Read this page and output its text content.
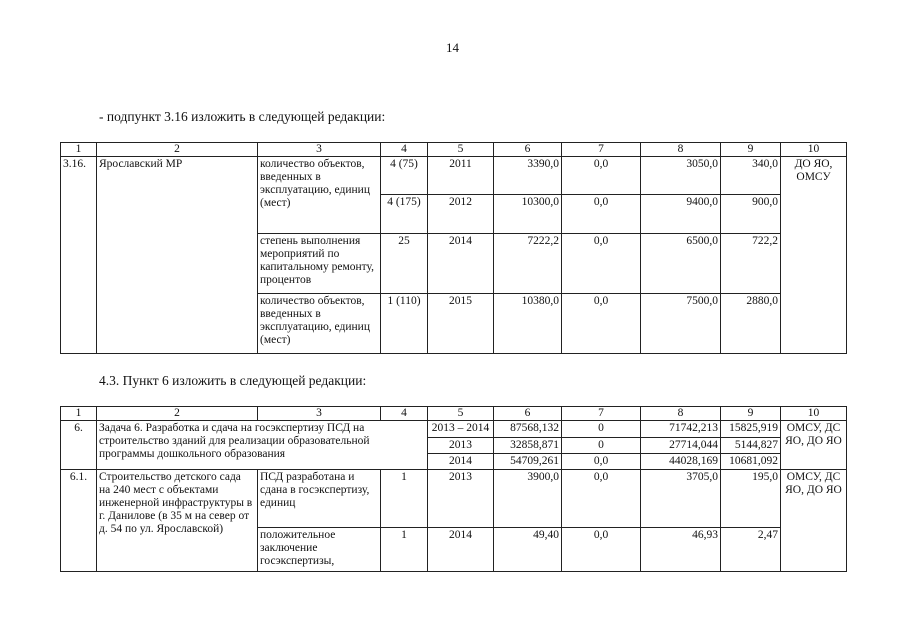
14
- подпункт 3.16 изложить в следующей редакции:
1	2	3	4	5	6	7	8	9	10
3.16.	Ярославский МР	количество объектов, введенных в эксплуатацию, единиц (мест)	4 (75)	2011	3390,0	0,0	3050,0	340,0	ДО ЯО, ОМСУ
			4 (175)	2012	10300,0	0,0	9400,0	900,0	
		степень выполнения мероприятий по капитальному ремонту, процентов	25	2014	7222,2	0,0	6500,0	722,2	
		количество объектов, введенных в эксплуатацию, единиц (мест)	1 (110)	2015	10380,0	0,0	7500,0	2880,0	
4.3. Пункт 6 изложить в следующей редакции:
1	2	3	4	5	6	7	8	9	10
6.	Задача 6. Разработка и сдача на госэкспертизу ПСД на строительство зданий для реализации образовательной программы дошкольного образования			2013 – 2014	87568,132	0	71742,213	15825,919	ОМСУ, ДС ЯО, ДО ЯО
				2013	32858,871	0	27714,044	5144,827	
				2014	54709,261	0,0	44028,169	10681,092	
6.1.	Строительство детского сада на 240 мест с объектами инженерной инфраструктуры в г. Данилове (в 35 м на север от д. 54 по ул. Ярославской)	ПСД разработана и сдана в госэкспертизу, единиц	1	2013	3900,0	0,0	3705,0	195,0	ОМСУ, ДС ЯО, ДО ЯО
		положительное заключение госэкспертизы,	1	2014	49,40	0,0	46,93	2,47	
